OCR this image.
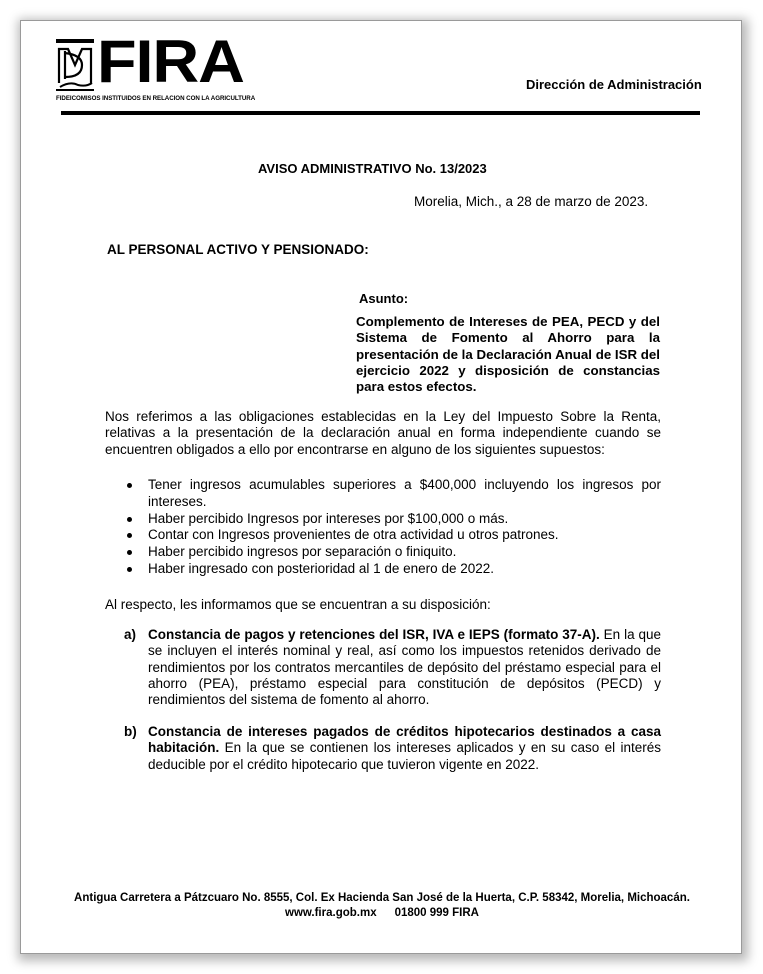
FIRA
FIDEICOMISOS INSTITUIDOS EN RELACION CON LA AGRICULTURA
Dirección de Administración
AVISO ADMINISTRATIVO No. 13/2023
Morelia, Mich., a 28 de marzo de 2023.
AL PERSONAL ACTIVO Y PENSIONADO:
Asunto:
Complemento de Intereses de PEA, PECD y del Sistema de Fomento al Ahorro para la presentación de la Declaración Anual de ISR del ejercicio 2022 y disposición de constancias para estos efectos.
Nos referimos a las obligaciones establecidas en la Ley del Impuesto Sobre la Renta, relativas a la presentación de la declaración anual en forma independiente cuando se encuentren obligados a ello por encontrarse en alguno de los siguientes supuestos:
Tener ingresos acumulables superiores a $400,000 incluyendo los ingresos por intereses.
Haber percibido Ingresos por intereses por $100,000 o más.
Contar con Ingresos provenientes de otra actividad u otros patrones.
Haber percibido ingresos por separación o finiquito.
Haber ingresado con posterioridad al 1 de enero de 2022.
Al respecto, les informamos que se encuentran a su disposición:
a) Constancia de pagos y retenciones del ISR, IVA e IEPS (formato 37-A). En la que se incluyen el interés nominal y real, así como los impuestos retenidos derivado de rendimientos por los contratos mercantiles de depósito del préstamo especial para el ahorro (PEA), préstamo especial para constitución de depósitos (PECD) y rendimientos del sistema de fomento al ahorro.
b) Constancia de intereses pagados de créditos hipotecarios destinados a casa habitación. En la que se contienen los intereses aplicados y en su caso el interés deducible por el crédito hipotecario que tuvieron vigente en 2022.
Antigua Carretera a Pátzcuaro No. 8555, Col. Ex Hacienda San José de la Huerta, C.P. 58342, Morelia, Michoacán.
www.fira.gob.mx 01800 999 FIRA
